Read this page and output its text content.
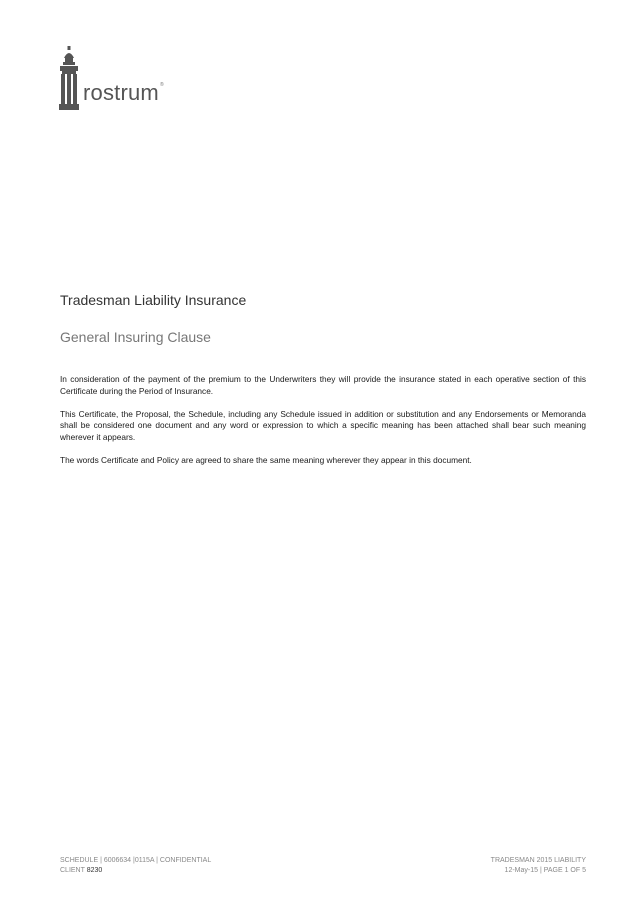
rostrum ®
Tradesman Liability Insurance
General Insuring Clause

In consideration of the payment of the premium to the Underwriters they will provide the insurance stated in each operative section of this Certificate during the Period of Insurance.

This Certificate, the Proposal, the Schedule, including any Schedule issued in addition or substitution and any Endorsements or Memoranda shall be considered one document and any word or expression to which a specific meaning has been attached shall bear such meaning wherever it appears.

The words Certificate and Policy are agreed to share the same meaning wherever they appear in this document.

SCHEDULE | 6006634 |0115A | CONFIDENTIAL
CLIENT 8230
TRADESMAN 2015 LIABILITY
12-May-15 | PAGE 1 OF 5
